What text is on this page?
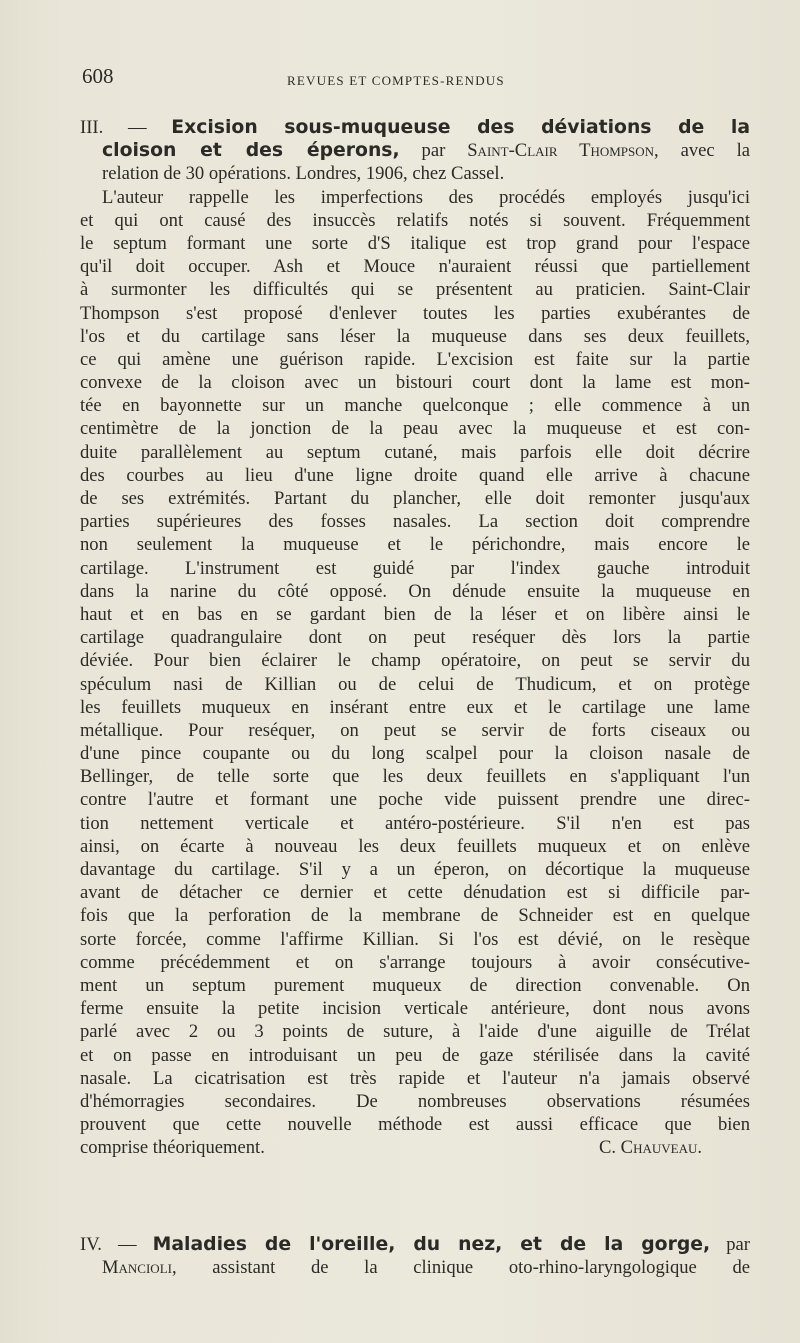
608	REVUES ET COMPTES-RENDUS
III. — Excision sous-muqueuse des déviations de la
cloison et des éperons, par Saint-Clair Thompson, avec la
relation de 30 opérations. Londres, 1906, chez Cassel.
L'auteur rappelle les imperfections des procédés employés jusqu'ici
et qui ont causé des insuccès relatifs notés si souvent. Fréquemment
le septum formant une sorte d'S italique est trop grand pour l'espace
qu'il doit occuper. Ash et Mouce n'auraient réussi que partiellement
à surmonter les difficultés qui se présentent au praticien. Saint-Clair
Thompson s'est proposé d'enlever toutes les parties exubérantes de
l'os et du cartilage sans léser la muqueuse dans ses deux feuillets,
ce qui amène une guérison rapide. L'excision est faite sur la partie
convexe de la cloison avec un bistouri court dont la lame est mon-
tée en bayonnette sur un manche quelconque ; elle commence à un
centimètre de la jonction de la peau avec la muqueuse et est con-
duite parallèlement au septum cutané, mais parfois elle doit décrire
des courbes au lieu d'une ligne droite quand elle arrive à chacune
de ses extrémités. Partant du plancher, elle doit remonter jusqu'aux
parties supérieures des fosses nasales. La section doit comprendre
non seulement la muqueuse et le périchondre, mais encore le
cartilage. L'instrument est guidé par l'index gauche introduit
dans la narine du côté opposé. On dénude ensuite la muqueuse en
haut et en bas en se gardant bien de la léser et on libère ainsi le
cartilage quadrangulaire dont on peut reséquer dès lors la partie
déviée. Pour bien éclairer le champ opératoire, on peut se servir du
spéculum nasi de Killian ou de celui de Thudicum, et on protège
les feuillets muqueux en insérant entre eux et le cartilage une lame
métallique. Pour reséquer, on peut se servir de forts ciseaux ou
d'une pince coupante ou du long scalpel pour la cloison nasale de
Bellinger, de telle sorte que les deux feuillets en s'appliquant l'un
contre l'autre et formant une poche vide puissent prendre une direc-
tion nettement verticale et antéro-postérieure. S'il n'en est pas
ainsi, on écarte à nouveau les deux feuillets muqueux et on enlève
davantage du cartilage. S'il y a un éperon, on décortique la muqueuse
avant de détacher ce dernier et cette dénudation est si difficile par-
fois que la perforation de la membrane de Schneider est en quelque
sorte forcée, comme l'affirme Killian. Si l'os est dévié, on le resèque
comme précédemment et on s'arrange toujours à avoir consécutive-
ment un septum purement muqueux de direction convenable. On
ferme ensuite la petite incision verticale antérieure, dont nous avons
parlé avec 2 ou 3 points de suture, à l'aide d'une aiguille de Trélat
et on passe en introduisant un peu de gaze stérilisée dans la cavité
nasale. La cicatrisation est très rapide et l'auteur n'a jamais observé
d'hémorragies secondaires. De nombreuses observations résumées
prouvent que cette nouvelle méthode est aussi efficace que bien
comprise théoriquement.	C. Chauveau.
IV. — Maladies de l'oreille, du nez, et de la gorge, par
Mancioli, assistant de la clinique oto-rhino-laryngologique de
